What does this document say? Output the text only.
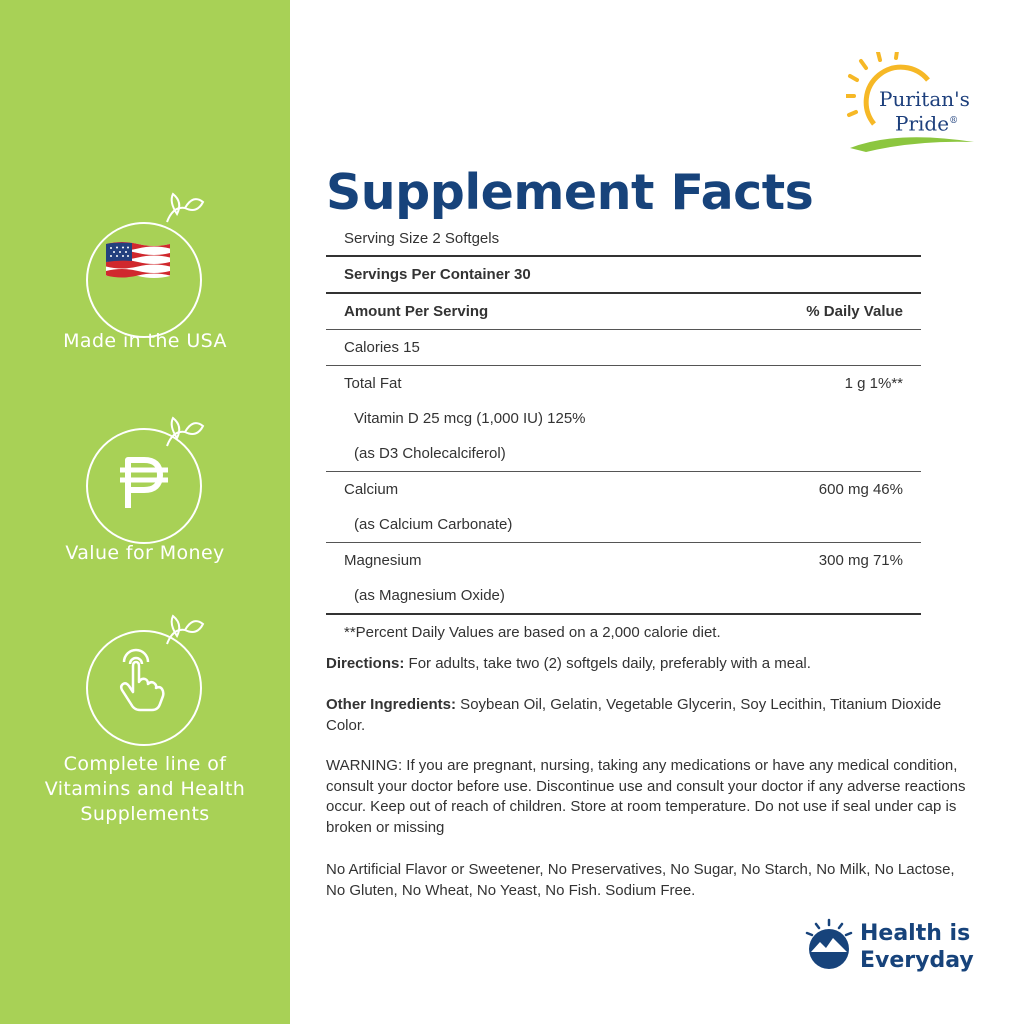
Made in the USA
Value for Money
Complete line of
Vitamins and Health
Supplements
Puritan's
Pride®
Supplement Facts
Serving Size 2 Softgels
Servings Per Container 30
Amount Per Serving	% Daily Value
Calories 15
Total Fat	1 g 1%**
Vitamin D 25 mcg (1,000 IU) 125%
(as D3 Cholecalciferol)
Calcium	600 mg 46%
(as Calcium Carbonate)
Magnesium	300 mg 71%
(as Magnesium Oxide)
**Percent Daily Values are based on a 2,000 calorie diet.
Directions: For adults, take two (2) softgels daily, preferably with a meal.
Other Ingredients: Soybean Oil, Gelatin, Vegetable Glycerin, Soy Lecithin, Titanium Dioxide Color.
WARNING: If you are pregnant, nursing, taking any medications or have any medical condition, consult your doctor before use. Discontinue use and consult your doctor if any adverse reactions occur. Keep out of reach of children. Store at room temperature. Do not use if seal under cap is broken or missing
No Artificial Flavor or Sweetener, No Preservatives, No Sugar, No Starch, No Milk, No Lactose, No Gluten, No Wheat, No Yeast, No Fish. Sodium Free.
Health is
Everyday
